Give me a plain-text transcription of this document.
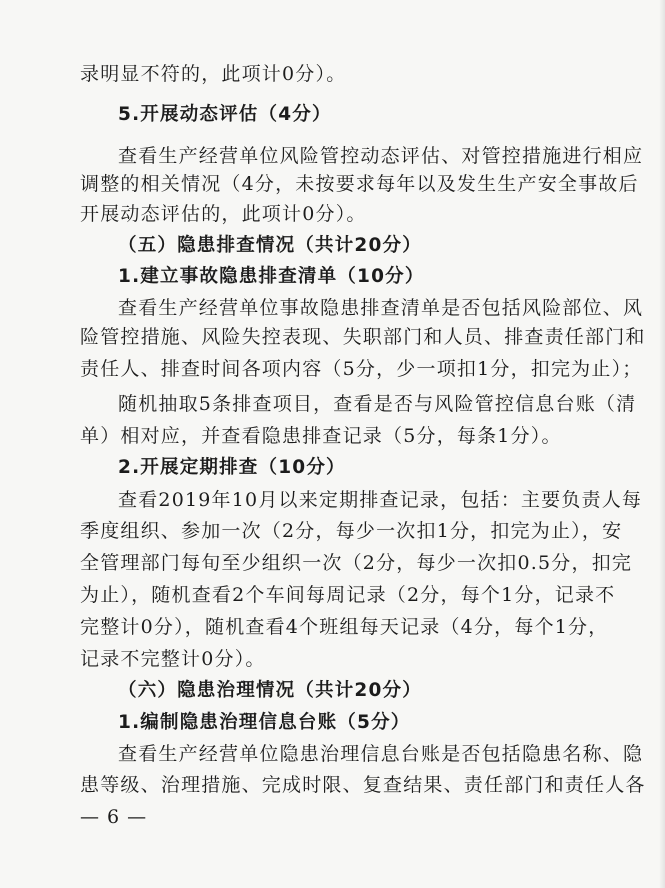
录明显不符的，此项计0分）。
5.开展动态评估（4分）
查看生产经营单位风险管控动态评估、对管控措施进行相应
调整的相关情况（4分，未按要求每年以及发生生产安全事故后
开展动态评估的，此项计0分）。
（五）隐患排查情况（共计20分）
1.建立事故隐患排查清单（10分）
查看生产经营单位事故隐患排查清单是否包括风险部位、风
险管控措施、风险失控表现、失职部门和人员、排查责任部门和
责任人、排查时间各项内容（5分，少一项扣1分，扣完为止）；
随机抽取5条排查项目，查看是否与风险管控信息台账（清
单）相对应，并查看隐患排查记录（5分，每条1分）。
2.开展定期排查（10分）
查看2019年10月以来定期排查记录，包括：主要负责人每
季度组织、参加一次（2分，每少一次扣1分，扣完为止），安
全管理部门每旬至少组织一次（2分，每少一次扣0.5分，扣完
为止），随机查看2个车间每周记录（2分，每个1分，记录不
完整计0分），随机查看4个班组每天记录（4分，每个1分，
记录不完整计0分）。
（六）隐患治理情况（共计20分）
1.编制隐患治理信息台账（5分）
查看生产经营单位隐患治理信息台账是否包括隐患名称、隐
患等级、治理措施、完成时限、复查结果、责任部门和责任人各
— 6 —
